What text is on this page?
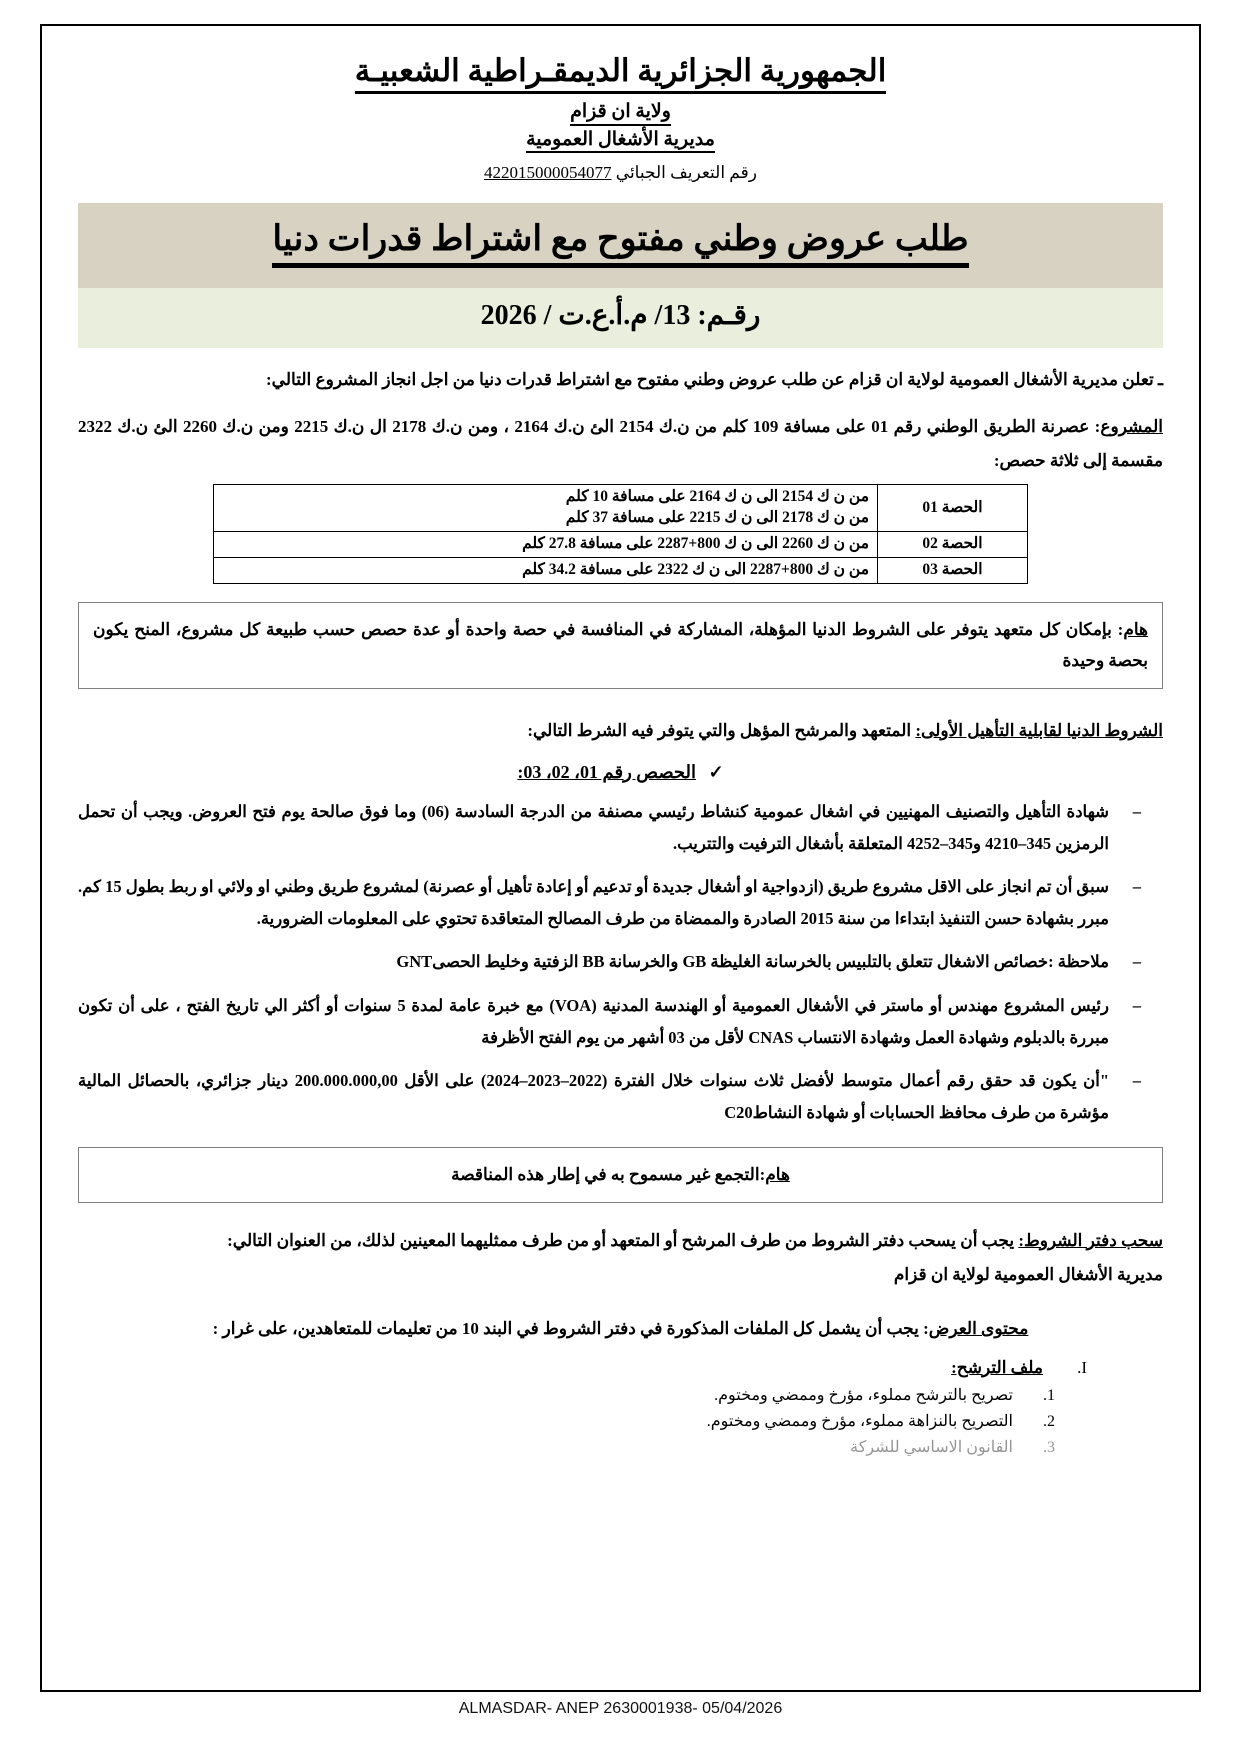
الجمهورية الجزائرية الديمقـراطية الشعبيـة
ولاية ان قزام
مديرية الأشغال العمومية
رقم التعريف الجبائي 422015000054077
طلب عروض وطني مفتوح مع اشتراط قدرات دنيا
رقـم: 13/ م.أ.ع.ت / 2026
ـ تعلن مديرية الأشغال العمومية لولاية ان قزام عن طلب عروض وطني مفتوح مع اشتراط قدرات دنيا من اجل انجاز المشروع التالي:
المشروع: عصرنة الطريق الوطني رقم 01 على مسافة 109 كلم من ن.ك 2154 الئ ن.ك 2164 ، ومن ن.ك 2178 ال ن.ك 2215 ومن ن.ك 2260 الئ ن.ك 2322 مقسمة إلى ثلاثة حصص:
الحصة 01	من ن ك 2154 الى ن ك 2164 على مسافة 10 كلم
من ن ك 2178 الى ن ك 2215 على مسافة 37 كلم

الحصة 02	من ن ك 2260 الى ن ك 800+2287 على مسافة 27.8 كلم

الحصة 03	من ن ك 800+2287 الى ن ك 2322 على مسافة 34.2 كلم
هام: بإمكان كل متعهد يتوفر على الشروط الدنيا المؤهلة، المشاركة في المنافسة في حصة واحدة أو عدة حصص حسب طبيعة كل مشروع، المنح يكون بحصة وحيدة
الشروط الدنيا لقابلية التأهيل الأولى: المتعهد والمرشح المؤهل والتي يتوفر فيه الشرط التالي:
✓ الحصص رقم 01، 02، 03:
– شهادة التأهيل والتصنيف المهنيين في اشغال عمومية كنشاط رئيسي مصنفة من الدرجة السادسة (06) وما فوق صالحة يوم فتح العروض. ويجب أن تحمل الرمزين 345–4210 و345–4252 المتعلقة بأشغال الترفيت والتتريب.
– سبق أن تم انجاز على الاقل مشروع طريق (ازدواجية او أشغال جديدة أو تدعيم أو إعادة تأهيل أو عصرنة) لمشروع طريق وطني او ولائي او ربط بطول 15 كم. مبرر بشهادة حسن التنفيذ ابتداءا من سنة 2015 الصادرة والممضاة من طرف المصالح المتعاقدة تحتوي على المعلومات الضرورية.
– ملاحظة :خصائص الاشغال تتعلق بالتلبيس بالخرسانة الغليظة GB والخرسانة BB الزفتية وخليط الحصىGNT
– رئيس المشروع مهندس أو ماستر في الأشغال العمومية أو الهندسة المدنية (VOA) مع خبرة عامة لمدة 5 سنوات أو أكثر الي تاريخ الفتح ، على أن تكون مبررة بالدبلوم وشهادة العمل وشهادة الانتساب CNAS لأقل من 03 أشهر من يوم الفتح الأظرفة
– "أن يكون قد حقق رقم أعمال متوسط لأفضل ثلاث سنوات خلال الفترة (2022–2023–2024) على الأقل 200.000.000,00 دينار جزائري، بالحصائل المالية مؤشرة من طرف محافظ الحسابات أو شهادة النشاطC20
هام:التجمع غير مسموح به في إطار هذه المناقصة
سحب دفتر الشروط: يجب أن يسحب دفتر الشروط من طرف المرشح أو المتعهد أو من طرف ممثليهما المعينين لذلك، من العنوان التالي:
مديرية الأشغال العمومية لولاية ان قزام
محتوى العرض: يجب أن يشمل كل الملفات المذكورة في دفتر الشروط في البند 10 من تعليمات للمتعاهدين، على غرار :
ملف الترشح:
تصريح بالترشح مملوء، مؤرخ وممضي ومختوم.
التصريح بالنزاهة مملوء، مؤرخ وممضي ومختوم.
القانون الاساسي للشركة
ALMASDAR- ANEP 2630001938- 05/04/2026
